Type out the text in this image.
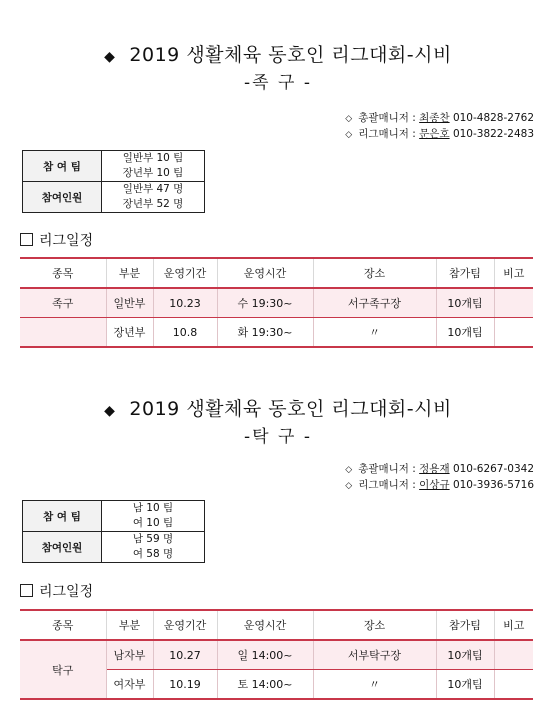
◆ 2019 생활체육 동호인 리그대회-시비
-족 구 -
◇ 총괄매니저 : 최종찬 010-4828-2762
◇ 리그매니저 : 문은호 010-3822-2483
참 여 팀	일반부 10 팀
장년부 10 팀

참여인원	일반부 47 명
장년부 52 명
리그일정
종목	부분	운영기간	운영시간	장소	참가팀	비고
족구	일반부	10.23	수 19:30~	서구족구장	10개팀	
	장년부	10.8	화 19:30~	〃	10개팀	
◆ 2019 생활체육 동호인 리그대회-시비
-탁 구 -
◇ 총괄매니저 : 정용재 010-6267-0342
◇ 리그매니저 : 이상규 010-3936-5716
참 여 팀	남 10 팀
여 10 팀

참여인원	남 59 명
여 58 명
리그일정
종목	부분	운영기간	운영시간	장소	참가팀	비고
탁구	남자부	10.27	일 14:00~	서부탁구장	10개팀	
	여자부	10.19	토 14:00~	〃	10개팀	
